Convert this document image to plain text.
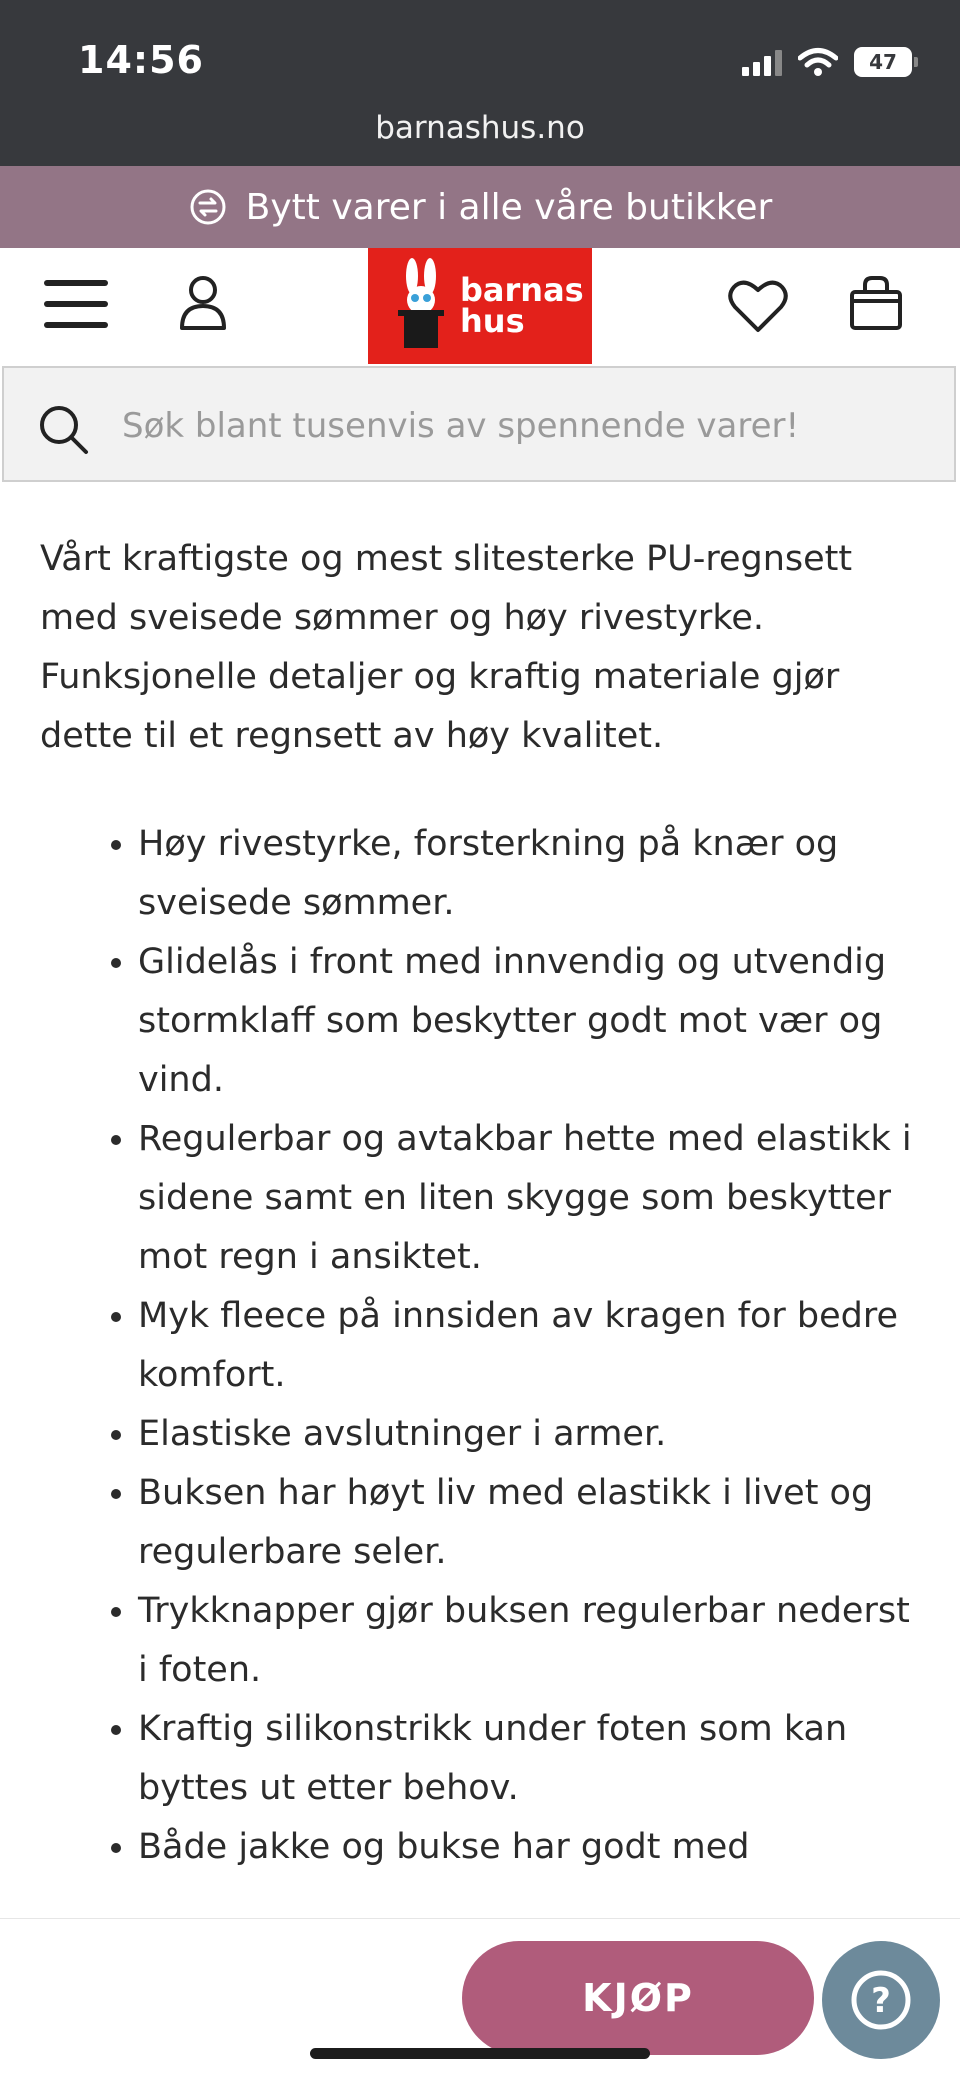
14:56	47
barnashus.no
Bytt varer i alle våre butikker
barnas
hus
Søk blant tusenvis av spennende varer!

Vårt kraftigste og mest slitesterke PU-regnsett med sveisede sømmer og høy rivestyrke. Funksjonelle detaljer og kraftig materiale gjør dette til et regnsett av høy kvalitet.

• Høy rivestyrke, forsterkning på knær og sveisede sømmer.
• Glidelås i front med innvendig og utvendig stormklaff som beskytter godt mot vær og vind.
• Regulerbar og avtakbar hette med elastikk i sidene samt en liten skygge som beskytter mot regn i ansiktet.
• Myk fleece på innsiden av kragen for bedre komfort.
• Elastiske avslutninger i armer.
• Buksen har høyt liv med elastikk i livet og regulerbare seler.
• Trykknapper gjør buksen regulerbar nederst i foten.
• Kraftig silikonstrikk under foten som kan byttes ut etter behov.
• Både jakke og bukse har godt med
KJØP	?
